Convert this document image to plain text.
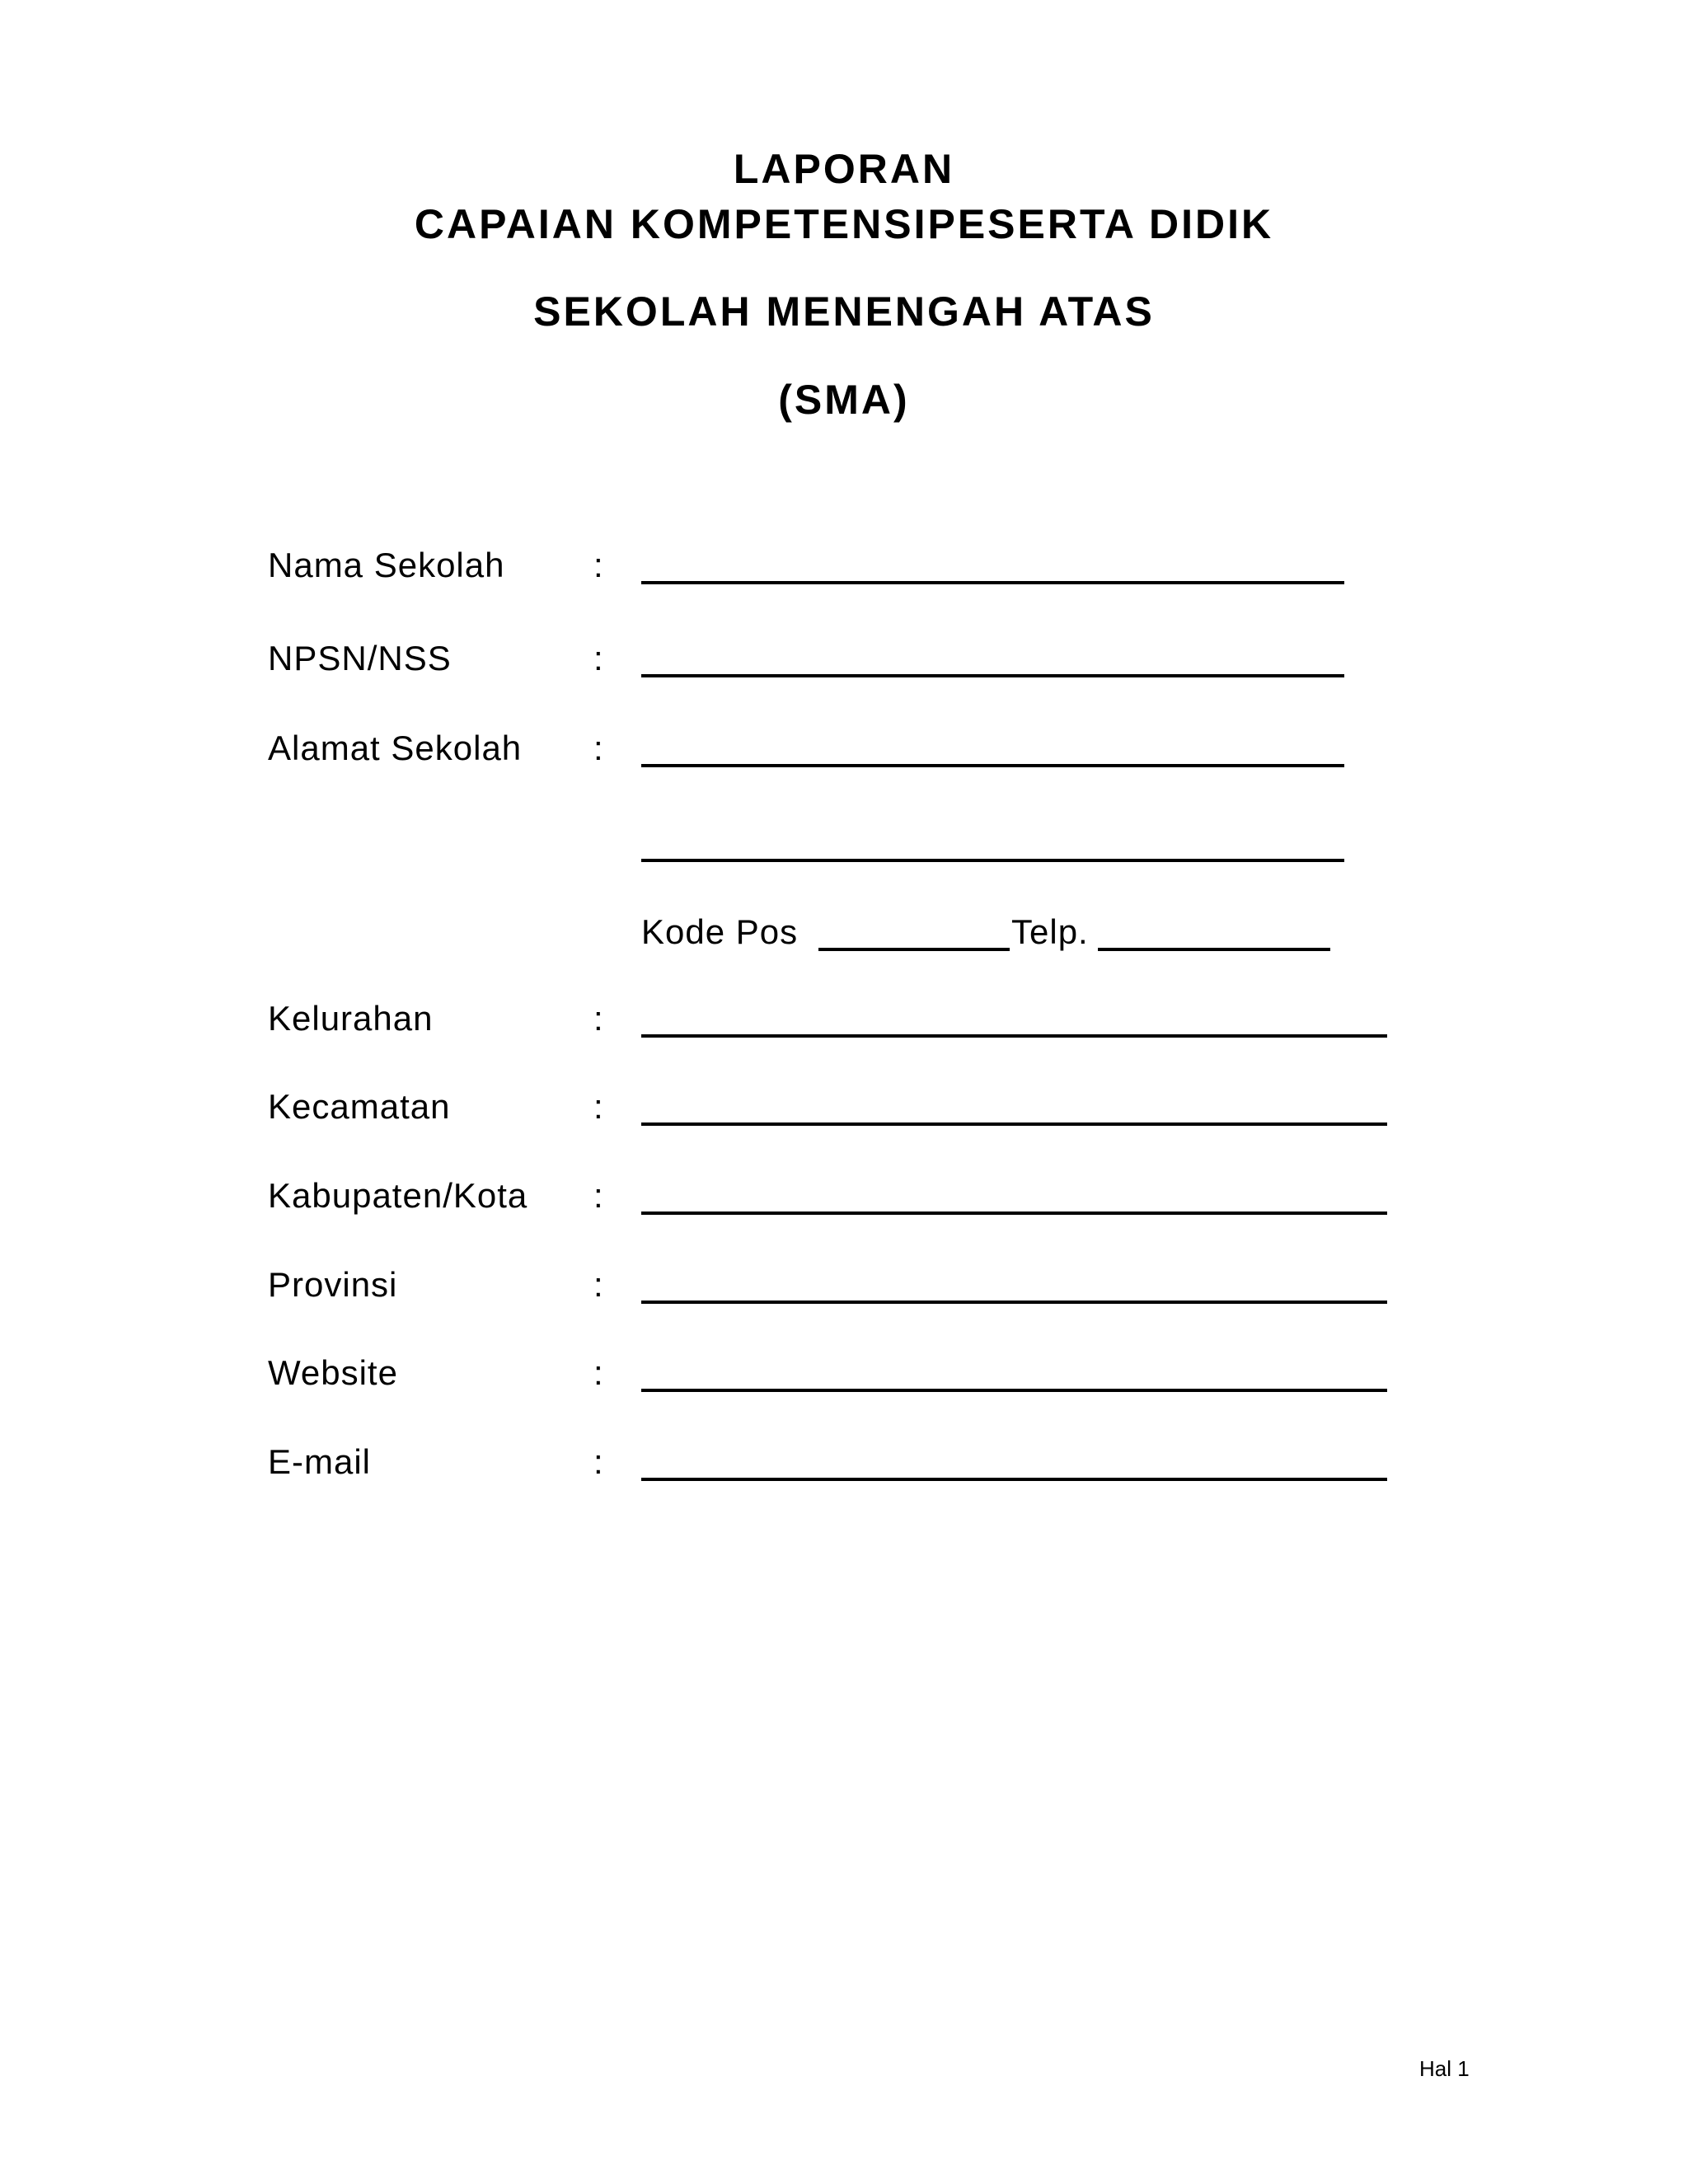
LAPORAN
CAPAIAN KOMPETENSIPESERTA DIDIK
SEKOLAH MENENGAH ATAS
(SMA)
Nama Sekolah	:
NPSN/NSS	:
Alamat Sekolah :
Kode Pos	Telp.
Kelurahan	:
Kecamatan	:
Kabupaten/Kota :
Provinsi	:
Website	:
E-mail	:
Hal 1
